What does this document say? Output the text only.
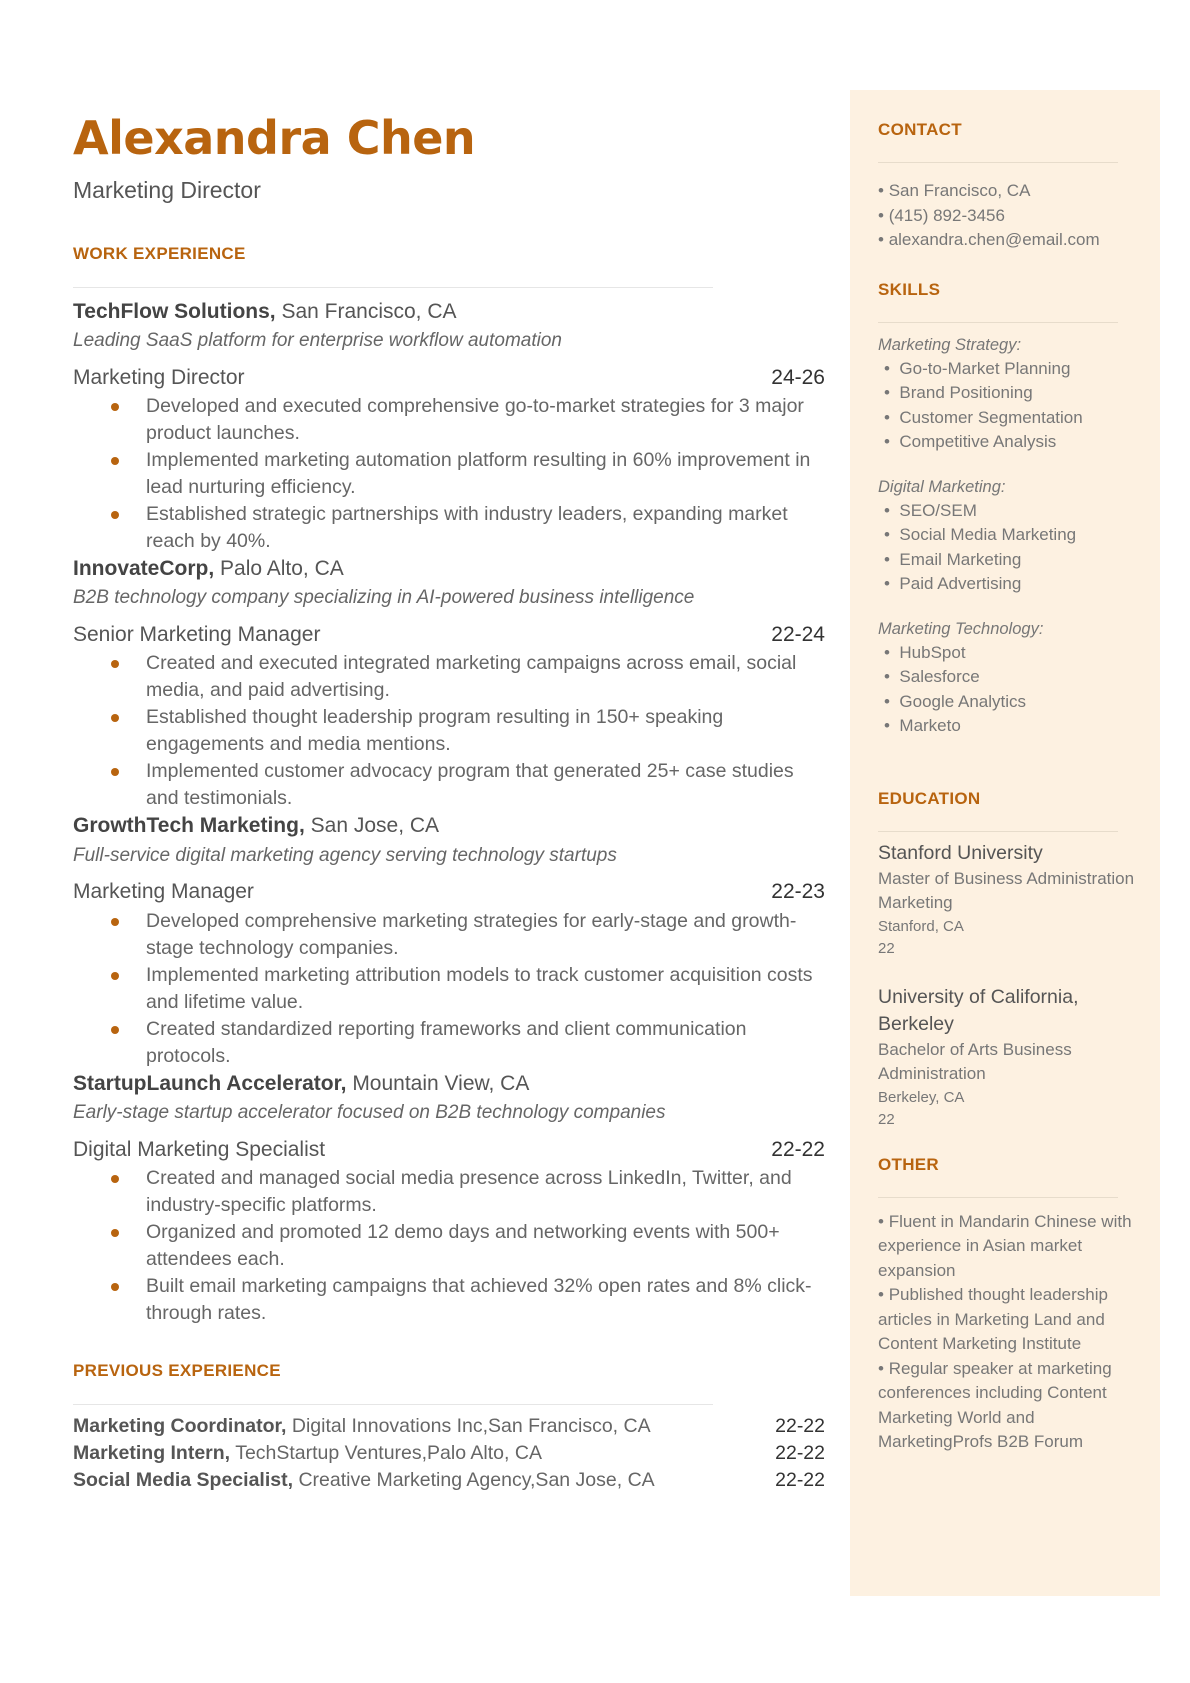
Alexandra Chen
Marketing Director
WORK EXPERIENCE

TechFlow Solutions, San Francisco, CA

Leading SaaS platform for enterprise workflow automation

Marketing Director	24-26
Developed and executed comprehensive go-to-market strategies for 3 major product launches.
Implemented marketing automation platform resulting in 60% improvement in lead nurturing efficiency.
Established strategic partnerships with industry leaders, expanding market reach by 40%.

InnovateCorp, Palo Alto, CA

B2B technology company specializing in AI-powered business intelligence

Senior Marketing Manager	22-24
Created and executed integrated marketing campaigns across email, social media, and paid advertising.
Established thought leadership program resulting in 150+ speaking engagements and media mentions.
Implemented customer advocacy program that generated 25+ case studies and testimonials.

GrowthTech Marketing, San Jose, CA

Full-service digital marketing agency serving technology startups

Marketing Manager	22-23
Developed comprehensive marketing strategies for early-stage and growth-stage technology companies.
Implemented marketing attribution models to track customer acquisition costs and lifetime value.
Created standardized reporting frameworks and client communication protocols.

StartupLaunch Accelerator, Mountain View, CA

Early-stage startup accelerator focused on B2B technology companies

Digital Marketing Specialist	22-22
Created and managed social media presence across LinkedIn, Twitter, and industry-specific platforms.
Organized and promoted 12 demo days and networking events with 500+ attendees each.
Built email marketing campaigns that achieved 32% open rates and 8% click-through rates.
PREVIOUS EXPERIENCE
Marketing Coordinator, Digital Innovations Inc,San Francisco, CA	22-22
Marketing Intern, TechStartup Ventures,Palo Alto, CA	22-22
Social Media Specialist, Creative Marketing Agency,San Jose, CA	22-22
CONTACT
• San Francisco, CA
• (415) 892-3456
• alexandra.chen@email.com
SKILLS
Marketing Strategy:
•  Go-to-Market Planning
•  Brand Positioning
•  Customer Segmentation
•  Competitive Analysis
Digital Marketing:
•  SEO/SEM
•  Social Media Marketing
•  Email Marketing
•  Paid Advertising
Marketing Technology:
•  HubSpot
•  Salesforce
•  Google Analytics
•  Marketo
EDUCATION
Stanford University
Master of Business Administration Marketing
Stanford, CA
22
University of California, Berkeley
Bachelor of Arts Business Administration
Berkeley, CA
22
OTHER
• Fluent in Mandarin Chinese with experience in Asian market expansion
• Published thought leadership articles in Marketing Land and Content Marketing Institute
• Regular speaker at marketing conferences including Content Marketing World and MarketingProfs B2B Forum
